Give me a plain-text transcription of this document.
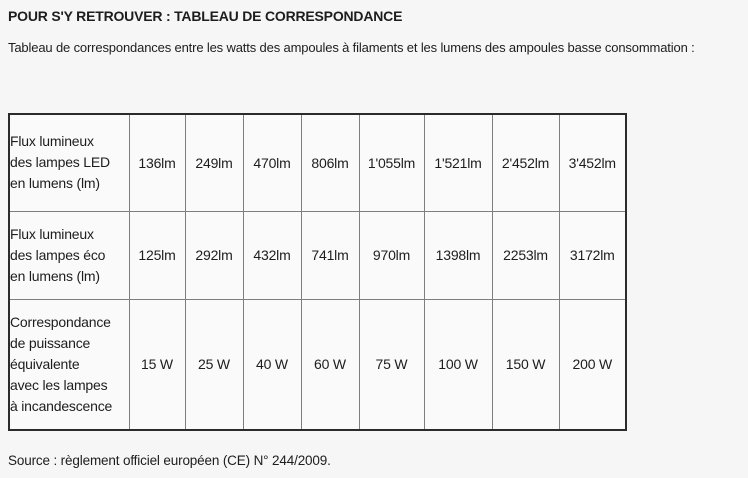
POUR S'Y RETROUVER : TABLEAU DE CORRESPONDANCE

Tableau de correspondances entre les watts des ampoules à filaments et les lumens des ampoules basse consommation :

Flux lumineux
des lampes LED
en lumens (lm)	136lm	249lm	470lm	806lm	1'055lm	1'521lm	2'452lm	3'452lm

Flux lumineux
des lampes éco
en lumens (lm)	125lm	292lm	432lm	741lm	970lm	1398lm	2253lm	3172lm

Correspondance
de puissance
équivalente
avec les lampes
à incandescence	15 W	25 W	40 W	60 W	75 W	100 W	150 W	200 W

Source : règlement officiel européen (CE) N° 244/2009.
